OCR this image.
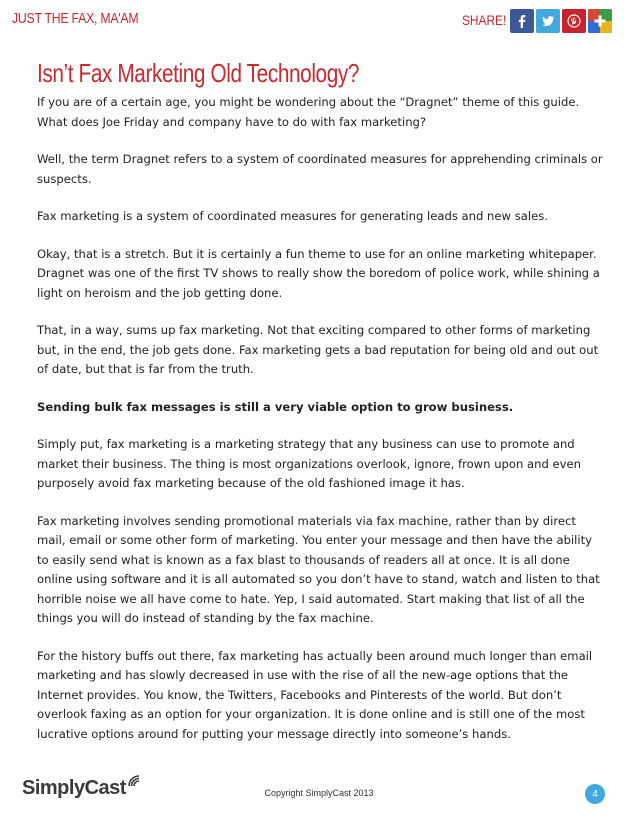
JUST THE FAX, MA'AM	SHARE!
Isn’t Fax Marketing Old Technology?

If you are of a certain age, you might be wondering about the “Dragnet” theme of this guide. What does Joe Friday and company have to do with fax marketing?

Well, the term Dragnet refers to a system of coordinated measures for apprehending criminals or suspects.

Fax marketing is a system of coordinated measures for generating leads and new sales.

Okay, that is a stretch. But it is certainly a fun theme to use for an online marketing whitepaper. Dragnet was one of the first TV shows to really show the boredom of police work, while shining a light on heroism and the job getting done.

That, in a way, sums up fax marketing. Not that exciting compared to other forms of marketing but, in the end, the job gets done. Fax marketing gets a bad reputation for being old and out out of date, but that is far from the truth.

Sending bulk fax messages is still a very viable option to grow business.

Simply put, fax marketing is a marketing strategy that any business can use to promote and market their business. The thing is most organizations overlook, ignore, frown upon and even purposely avoid fax marketing because of the old fashioned image it has.

Fax marketing involves sending promotional materials via fax machine, rather than by direct mail, email or some other form of marketing. You enter your message and then have the ability to easily send what is known as a fax blast to thousands of readers all at once. It is all done online using software and it is all automated so you don’t have to stand, watch and listen to that horrible noise we all have come to hate. Yep, I said automated. Start making that list of all the things you will do instead of standing by the fax machine.

For the history buffs out there, fax marketing has actually been around much longer than email marketing and has slowly decreased in use with the rise of all the new-age options that the Internet provides. You know, the Twitters, Facebooks and Pinterests of the world. But don’t overlook faxing as an option for your organization. It is done online and is still one of the most lucrative options around for putting your message directly into someone’s hands.

SimplyCast	Copyright SimplyCast 2013	4
